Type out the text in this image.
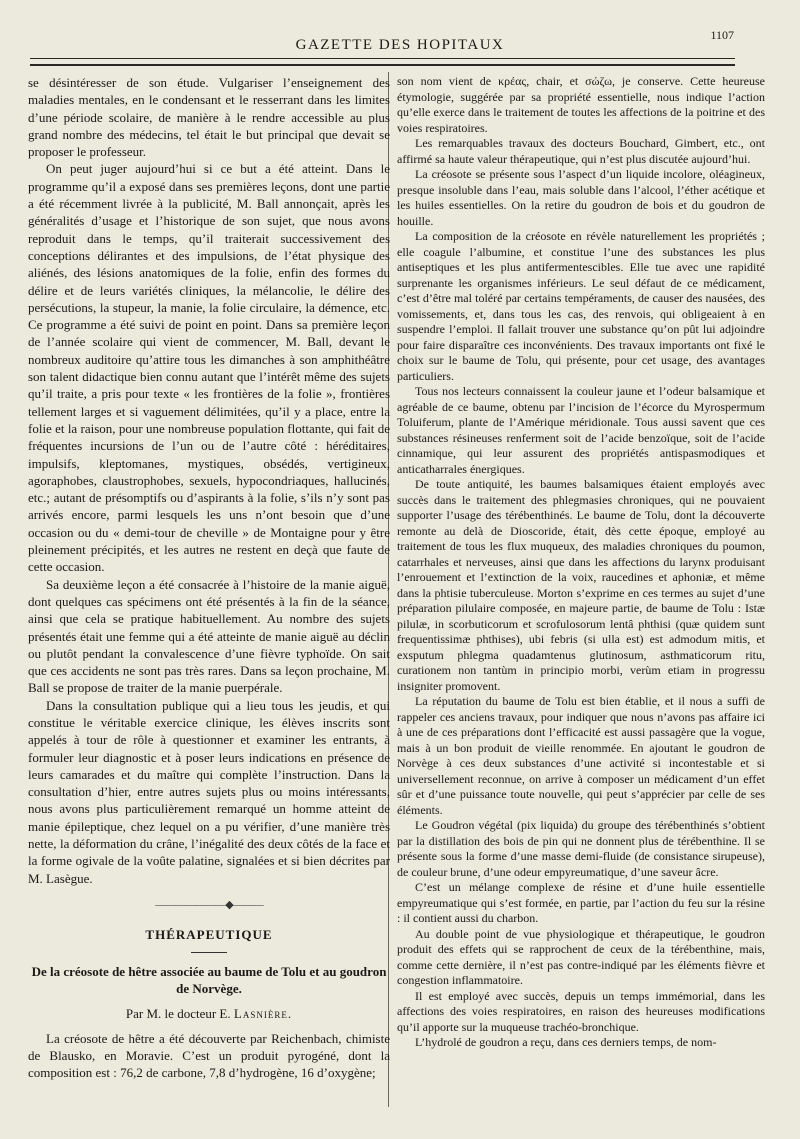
GAZETTE DES HOPITAUX
1107

se désintéresser de son étude. Vulgariser l’enseignement des maladies mentales, en le condensant et le resserrant dans les limites d’une période scolaire, de manière à le rendre accessible au plus grand nombre des médecins, tel était le but principal que devait se proposer le professeur.

On peut juger aujourd’hui si ce but a été atteint. Dans le programme qu’il a exposé dans ses premières leçons, dont une partie a été récemment livrée à la publicité, M. Ball annonçait, après les généralités d’usage et l’historique de son sujet, que nous avons reproduit dans le temps, qu’il traiterait successivement des conceptions délirantes et des impulsions, de l’état physique des aliénés, des lésions anatomiques de la folie, enfin des formes du délire et de leurs variétés cliniques, la mélancolie, le délire des persécutions, la stupeur, la manie, la folie circulaire, la démence, etc. Ce programme a été suivi de point en point. Dans sa première leçon de l’année scolaire qui vient de commencer, M. Ball, devant le nombreux auditoire qu’attire tous les dimanches à son amphithéâtre son talent didactique bien connu autant que l’intérêt même des sujets qu’il traite, a pris pour texte « les frontières de la folie », frontières tellement larges et si vaguement délimitées, qu’il y a place, entre la folie et la raison, pour une nombreuse population flottante, qui fait de fréquentes incursions de l’un ou de l’autre côté : héréditaires, impulsifs, kleptomanes, mystiques, obsédés, vertigineux, agoraphobes, claustrophobes, sexuels, hypocondriaques, hallucinés, etc.; autant de présomptifs ou d’aspirants à la folie, s’ils n’y sont pas arrivés encore, parmi lesquels les uns n’ont besoin que d’une occasion ou du « demi-tour de cheville » de Montaigne pour y être pleinement précipités, et les autres ne restent en deçà que faute de cette occasion.

Sa deuxième leçon a été consacrée à l’histoire de la manie aiguë, dont quelques cas spécimens ont été présentés à la fin de la séance, ainsi que cela se pratique habituellement. Au nombre des sujets présentés était une femme qui a été atteinte de manie aiguë au déclin ou plutôt pendant la convalescence d’une fièvre typhoïde. On sait que ces accidents ne sont pas très rares. Dans sa leçon prochaine, M. Ball se propose de traiter de la manie puerpérale.

Dans la consultation publique qui a lieu tous les jeudis, et qui constitue le véritable exercice clinique, les élèves inscrits sont appelés à tour de rôle à questionner et examiner les entrants, à formuler leur diagnostic et à poser leurs indications en présence de leurs camarades et du maître qui complète l’instruction. Dans la consultation d’hier, entre autres sujets plus ou moins intéressants, nous avons plus particulièrement remarqué un homme atteint de manie épileptique, chez lequel on a pu vérifier, d’une manière très nette, la déformation du crâne, l’inégalité des deux côtés de la face et la forme ogivale de la voûte palatine, signalées et si bien décrites par M. Lasègue.

———————◆———
THÉRAPEUTIQUE
De la créosote de hêtre associée au baume de Tolu et au goudron de Norvège.
Par M. le docteur E. Lasnière.

La créosote de hêtre a été découverte par Reichenbach, chimiste de Blausko, en Moravie. C’est un produit pyrogéné, dont la composition est : 76,2 de carbone, 7,8 d’hydrogène, 16 d’oxygène;

son nom vient de κρέας, chair, et σώζω, je conserve. Cette heureuse étymologie, suggérée par sa propriété essentielle, nous indique l’action qu’elle exerce dans le traitement de toutes les affections de la poitrine et des voies respiratoires.

Les remarquables travaux des docteurs Bouchard, Gimbert, etc., ont affirmé sa haute valeur thérapeutique, qui n’est plus discutée aujourd’hui.

La créosote se présente sous l’aspect d’un liquide incolore, oléagineux, presque insoluble dans l’eau, mais soluble dans l’alcool, l’éther acétique et les huiles essentielles. On la retire du goudron de bois et du goudron de houille.

La composition de la créosote en révèle naturellement les propriétés ; elle coagule l’albumine, et constitue l’une des substances les plus antiseptiques et les plus antifermentescibles. Elle tue avec une rapidité surprenante les organismes inférieurs. Le seul défaut de ce médicament, c’est d’être mal toléré par certains tempéraments, de causer des nausées, des vomissements, et, dans tous les cas, des renvois, qui obligeaient à en suspendre l’emploi. Il fallait trouver une substance qu’on pût lui adjoindre pour faire disparaître ces inconvénients. Des travaux importants ont fixé le choix sur le baume de Tolu, qui présente, pour cet usage, des avantages particuliers.

Tous nos lecteurs connaissent la couleur jaune et l’odeur balsamique et agréable de ce baume, obtenu par l’incision de l’écorce du Myrospermum Toluiferum, plante de l’Amérique méridionale. Tous aussi savent que ces substances résineuses renferment soit de l’acide benzoïque, soit de l’acide cinnamique, qui leur assurent des propriétés antispasmodiques et anticatharrales énergiques.

De toute antiquité, les baumes balsamiques étaient employés avec succès dans le traitement des phlegmasies chroniques, qui ne pouvaient supporter l’usage des térébenthinés. Le baume de Tolu, dont la découverte remonte au delà de Dioscoride, était, dès cette époque, employé au traitement de tous les flux muqueux, des maladies chroniques du poumon, catarrhales et nerveuses, ainsi que dans les affections du larynx produisant l’enrouement et l’extinction de la voix, raucedines et aphoniæ, et même dans la phtisie tuberculeuse. Morton s’exprime en ces termes au sujet d’une préparation pilulaire composée, en majeure partie, de baume de Tolu : Istæ pilulæ, in scorbuticorum et scrofulosorum lentâ phthisi (quæ quidem sunt frequentissimæ phthises), ubi febris (si ulla est) est admodum mitis, et exsputum phlegma quadamtenus glutinosum, asthmaticorum ritu, curationem non tantùm in principio morbi, verùm etiam in progressu insigniter promovent.

La réputation du baume de Tolu est bien établie, et il nous a suffi de rappeler ces anciens travaux, pour indiquer que nous n’avons pas affaire ici à une de ces préparations dont l’efficacité est aussi passagère que la vogue, mais à un bon produit de vieille renommée. En ajoutant le goudron de Norvège à ces deux substances d’une activité si incontestable et si universellement reconnue, on arrive à composer un médicament d’un effet sûr et d’une puissance toute nouvelle, qui peut s’apprécier par celle de ses éléments.

Le Goudron végétal (pix liquida) du groupe des térébenthinés s’obtient par la distillation des bois de pin qui ne donnent plus de térébenthine. Il se présente sous la forme d’une masse demi-fluide (de consistance sirupeuse), de couleur brune, d’une odeur empyreumatique, d’une saveur âcre.

C’est un mélange complexe de résine et d’une huile essentielle empyreumatique qui s’est formée, en partie, par l’action du feu sur la résine : il contient aussi du charbon.

Au double point de vue physiologique et thérapeutique, le goudron produit des effets qui se rapprochent de ceux de la térébenthine, mais, comme cette dernière, il n’est pas contre-indiqué par les éléments fièvre et congestion inflammatoire.

Il est employé avec succès, depuis un temps immémorial, dans les affections des voies respiratoires, en raison des heureuses modifications qu’il apporte sur la muqueuse trachéo-bronchique.

L’hydrolé de goudron a reçu, dans ces derniers temps, de nom-
